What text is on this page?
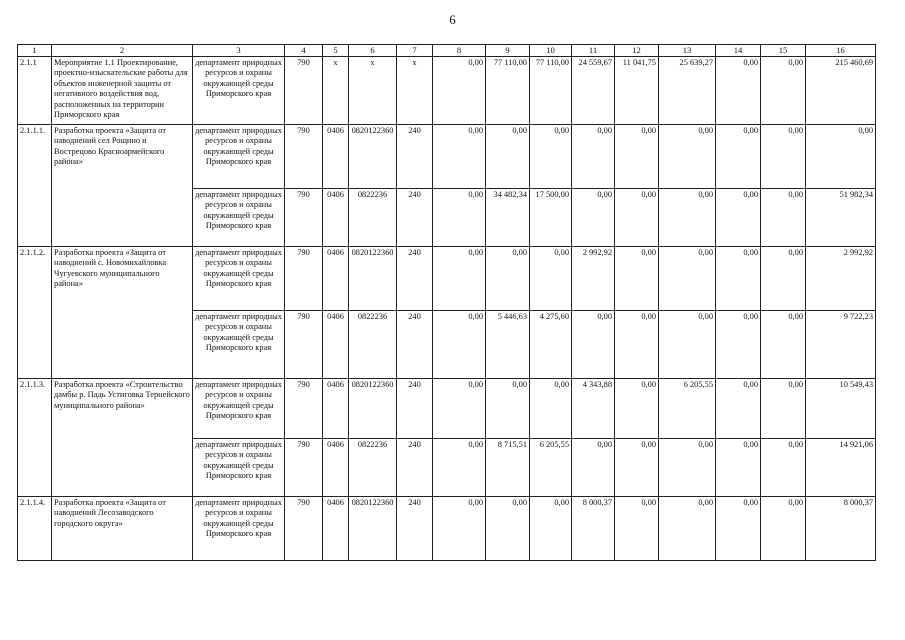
6
1	2	3	4	5	6	7	8	9	10	11	12	13	14	15	16
2.1.1	Мероприятие 1.1 Проектирование, проектно-изыскательские работы для объектов инженерной защиты от негативного воздействия вод, расположенных на территории Приморского края	департамент природных ресурсов и охраны окружающей среды Приморского края	790	x	x	x	0,00	77 110,00	77 110,00	24 559,67	11 041,75	25 639,27	0,00	0,00	215 460,69
2.1.1.1.	Разработка проекта «Защита от наводнений сел Рощино и Вострецово Красноармейского района»	департамент природных ресурсов и охраны окружающей среды Приморского края	790	0406	0820122360	240	0,00	0,00	0,00	0,00	0,00	0,00	0,00	0,00	0,00
		департамент природных ресурсов и охраны окружающей среды Приморского края	790	0406	0822236	240	0,00	34 482,34	17 500,00	0,00	0,00	0,00	0,00	0,00	51 982,34
2.1.1.2.	Разработка проекта «Защита от наводнений с. Новомихайловка Чугуевского муниципального района»	департамент природных ресурсов и охраны окружающей среды Приморского края	790	0406	0820122360	240	0,00	0,00	0,00	2 992,92	0,00	0,00	0,00	0,00	2 992,92
		департамент природных ресурсов и охраны окружающей среды Приморского края	790	0406	0822236	240	0,00	5 446,63	4 275,60	0,00	0,00	0,00	0,00	0,00	9 722,23
2.1.1.3.	Разработка проекта «Строительство дамбы р. Падь Устиговка Тернейского муниципального района»	департамент природных ресурсов и охраны окружающей среды Приморского края	790	0406	0820122360	240	0,00	0,00	0,00	4 343,88	0,00	6 205,55	0,00	0,00	10 549,43
		департамент природных ресурсов и охраны окружающей среды Приморского края	790	0406	0822236	240	0,00	8 715,51	6 205,55	0,00	0,00	0,00	0,00	0,00	14 921,06
2.1.1.4.	Разработка проекта «Защита от наводнений Лесозаводского городского округа»	департамент природных ресурсов и охраны окружающей среды Приморского края	790	0406	0820122360	240	0,00	0,00	0,00	8 000,37	0,00	0,00	0,00	0,00	8 000,37
